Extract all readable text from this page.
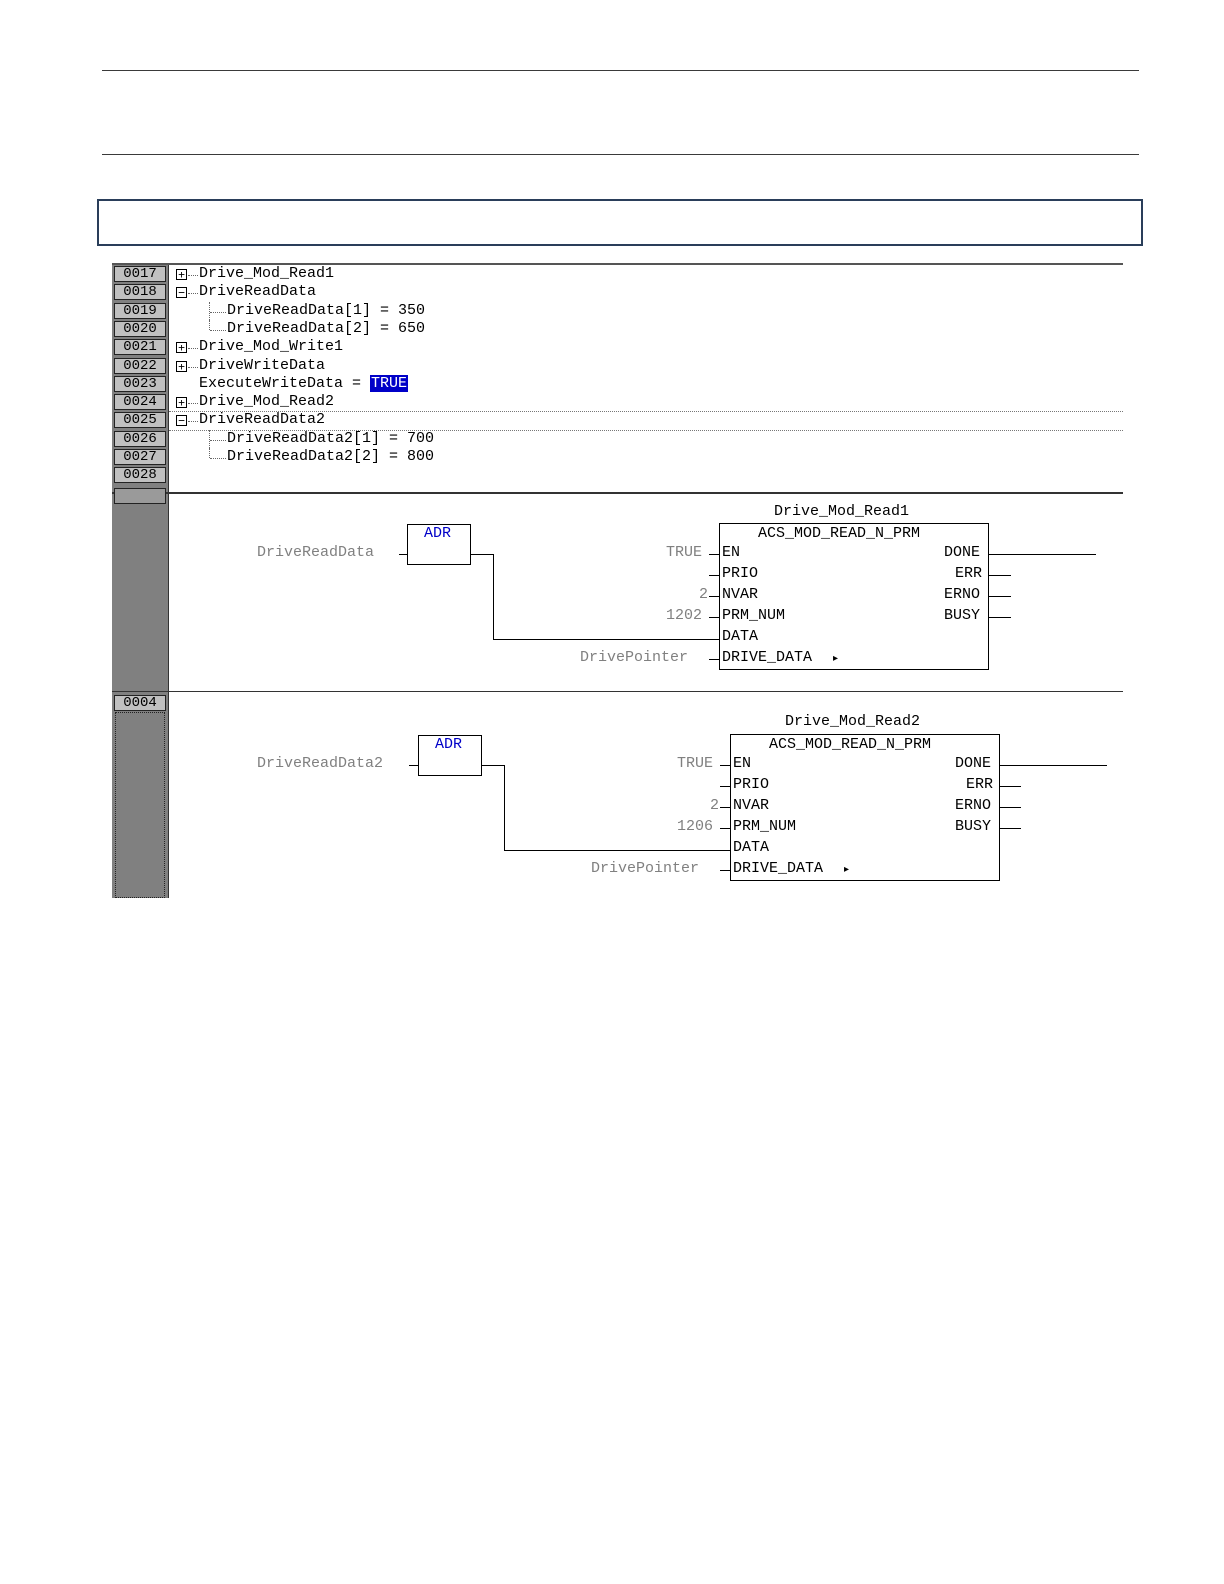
0017	+ Drive_Mod_Read1
0018	− DriveReadData
0019	DriveReadData[1] = 350
0020	DriveReadData[2] = 650
0021	+ Drive_Mod_Write1
0022	+ DriveWriteData
0023	ExecuteWriteData = TRUE
0024	+ Drive_Mod_Read2
0025	− DriveReadData2
0026	DriveReadData2[1] = 700
0027	DriveReadData2[2] = 800
0028
Drive_Mod_Read1
ACS_MOD_READ_N_PRM
ADR
DriveReadData	TRUE EN
PRIO
2 NVAR
1202 PRM_NUM
DATA
DrivePointer DRIVE_DATA ▸
DONE
ERR
ERNO
BUSY
0004
Drive_Mod_Read2
ACS_MOD_READ_N_PRM
ADR
DriveReadData2	TRUE EN
PRIO
2 NVAR
1206 PRM_NUM
DATA
DrivePointer DRIVE_DATA ▸
DONE
ERR
ERNO
BUSY
